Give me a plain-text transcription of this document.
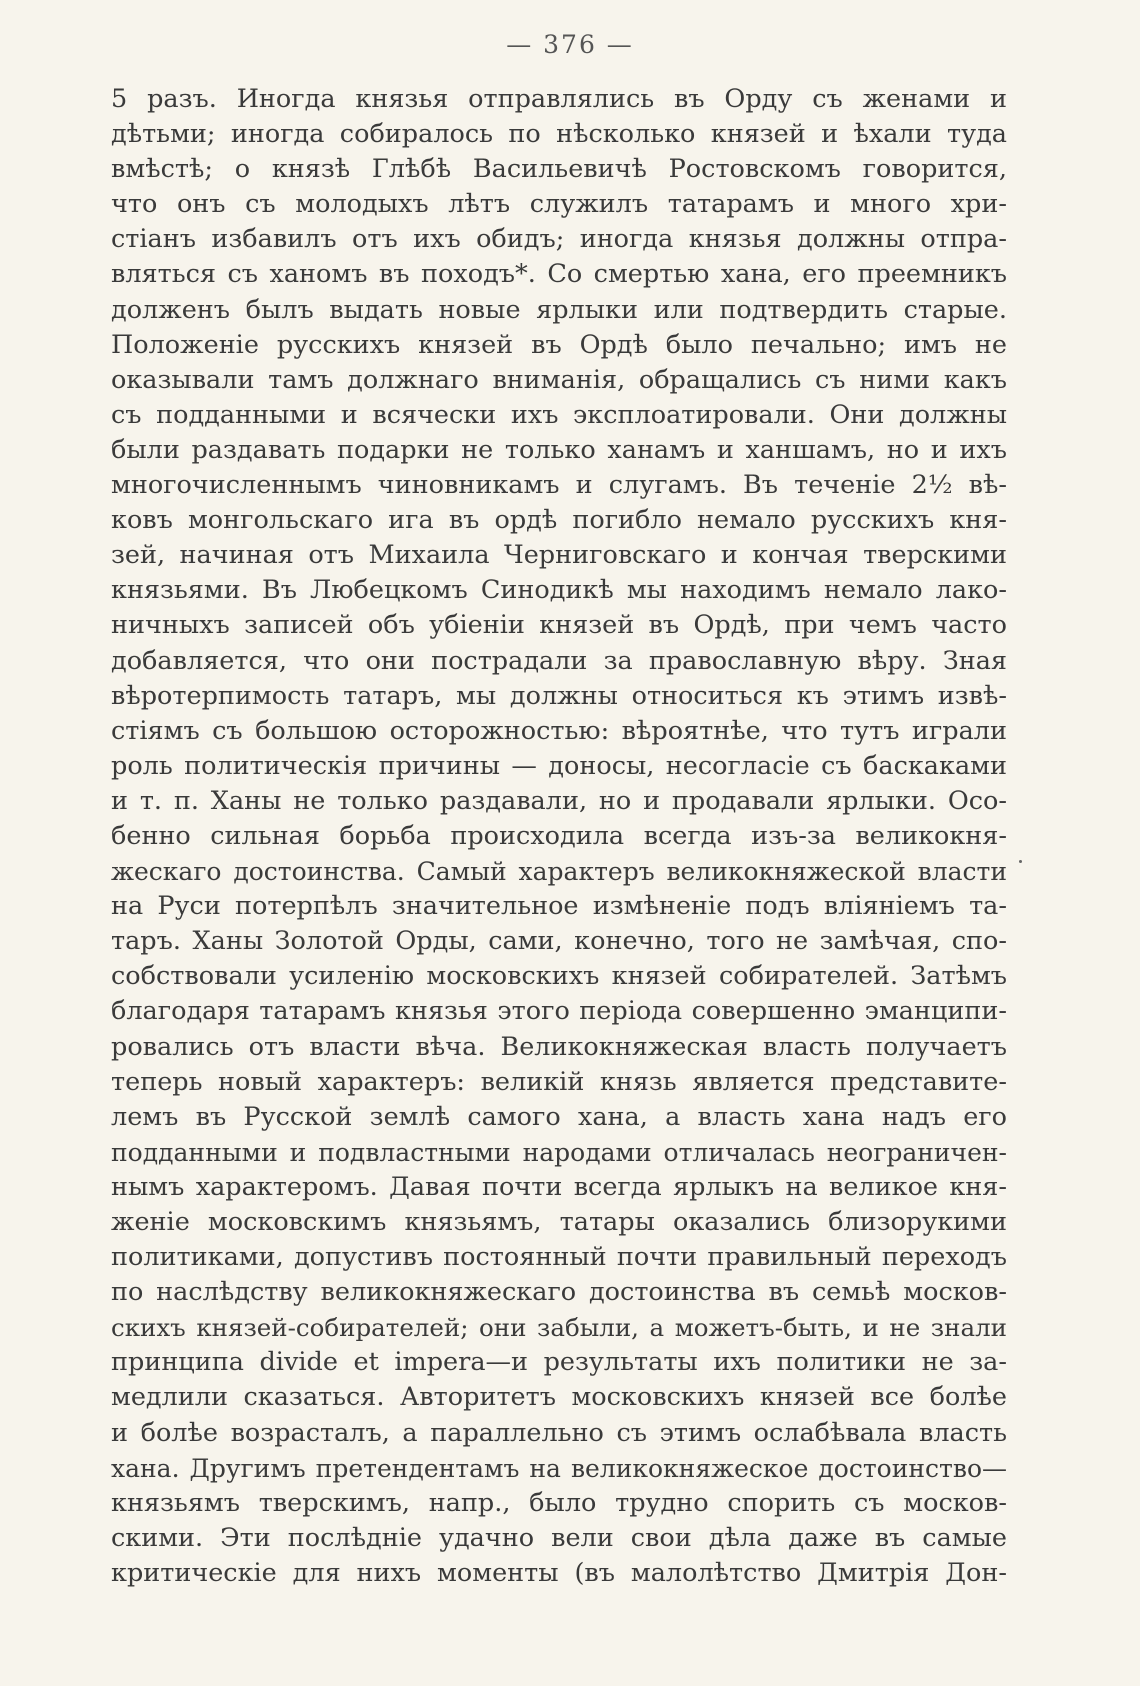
— 376 —
5 разъ. Иногда князья отправлялись въ Орду съ женами и
дѣтьми; иногда собиралось по нѣсколько князей и ѣхали туда
вмѣстѣ; о князѣ Глѣбѣ Васильевичѣ Ростовскомъ говорится,
что онъ съ молодыхъ лѣтъ служилъ татарамъ и много хри-
стіанъ избавилъ отъ ихъ обидъ; иногда князья должны отпра-
вляться съ ханомъ въ походъ*. Со смертью хана, его преемникъ
долженъ былъ выдать новые ярлыки или подтвердить старые.
Положеніе русскихъ князей въ Ордѣ было печально; имъ не
оказывали тамъ должнаго вниманія, обращались съ ними какъ
съ подданными и всячески ихъ эксплоатировали. Они должны
были раздавать подарки не только ханамъ и ханшамъ, но и ихъ
многочисленнымъ чиновникамъ и слугамъ. Въ теченіе 2½ вѣ-
ковъ монгольскаго ига въ ордѣ погибло немало русскихъ кня-
зей, начиная отъ Михаила Черниговскаго и кончая тверскими
князьями. Въ Любецкомъ Синодикѣ мы находимъ немало лако-
ничныхъ записей объ убіеніи князей въ Ордѣ, при чемъ часто
добавляется, что они пострадали за православную вѣру. Зная
вѣротерпимость татаръ, мы должны относиться къ этимъ извѣ-
стіямъ съ большою осторожностью: вѣроятнѣе, что тутъ играли
роль политическія причины — доносы, несогласіе съ баскаками
и т. п. Ханы не только раздавали, но и продавали ярлыки. Осо-
бенно сильная борьба происходила всегда изъ-за великокня-
жескаго достоинства. Самый характеръ великокняжеской власти
на Руси потерпѣлъ значительное измѣненіе подъ вліяніемъ та-
таръ. Ханы Золотой Орды, сами, конечно, того не замѣчая, спо-
собствовали усиленію московскихъ князей собирателей. Затѣмъ
благодаря татарамъ князья этого періода совершенно эманципи-
ровались отъ власти вѣча. Великокняжеская власть получаетъ
теперь новый характеръ: великій князь является представите-
лемъ въ Русской землѣ самого хана, а власть хана надъ его
подданными и подвластными народами отличалась неограничен-
нымъ характеромъ. Давая почти всегда ярлыкъ на великое кня-
женіе московскимъ князьямъ, татары оказались близорукими
политиками, допустивъ постоянный почти правильный переходъ
по наслѣдству великокняжескаго достоинства въ семьѣ москов-
скихъ князей-собирателей; они забыли, а можетъ-быть, и не знали
принципа divide et impera—и результаты ихъ политики не за-
медлили сказаться. Авторитетъ московскихъ князей все болѣе
и болѣе возрасталъ, а параллельно съ этимъ ослабѣвала власть
хана. Другимъ претендентамъ на великокняжеское достоинство—
князьямъ тверскимъ, напр., было трудно спорить съ москов-
скими. Эти послѣдніе удачно вели свои дѣла даже въ самые
критическіе для нихъ моменты (въ малолѣтство Дмитрія Дон-
